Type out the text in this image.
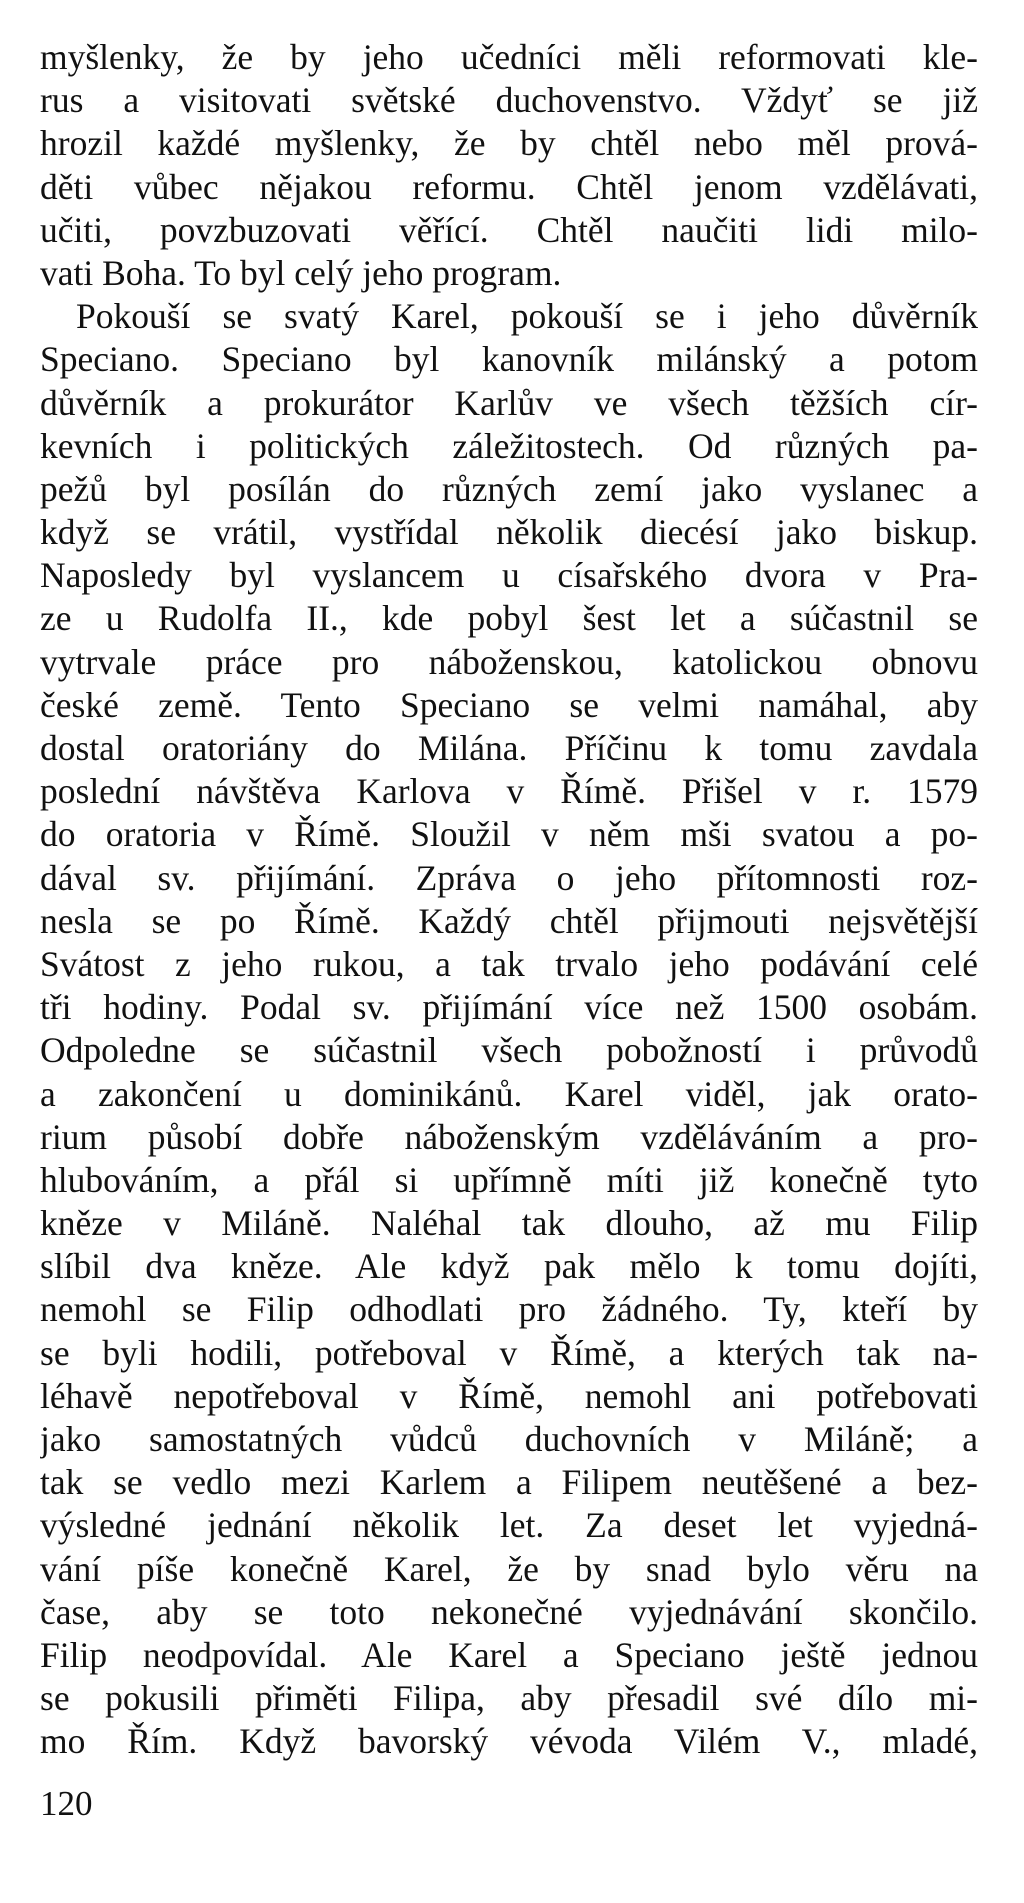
myšlenky, že by jeho učedníci měli reformovati kle-
rus a visitovati světské duchovenstvo. Vždyť se již
hrozil každé myšlenky, že by chtěl nebo měl prová-
děti vůbec nějakou reformu. Chtěl jenom vzdělávati,
učiti, povzbuzovati věřící. Chtěl naučiti lidi milo-
vati Boha. To byl celý jeho program.
Pokouší se svatý Karel, pokouší se i jeho důvěrník
Speciano. Speciano byl kanovník milánský a potom
důvěrník a prokurátor Karlův ve všech těžších cír-
kevních i politických záležitostech. Od různých pa-
pežů byl posílán do různých zemí jako vyslanec a
když se vrátil, vystřídal několik diecésí jako biskup.
Naposledy byl vyslancem u císařského dvora v Pra-
ze u Rudolfa II., kde pobyl šest let a súčastnil se
vytrvale práce pro náboženskou, katolickou obnovu
české země. Tento Speciano se velmi namáhal, aby
dostal oratoriány do Milána. Příčinu k tomu zavdala
poslední návštěva Karlova v Římě. Přišel v r. 1579
do oratoria v Římě. Sloužil v něm mši svatou a po-
dával sv. přijímání. Zpráva o jeho přítomnosti roz-
nesla se po Římě. Každý chtěl přijmouti nejsvětější
Svátost z jeho rukou, a tak trvalo jeho podávání celé
tři hodiny. Podal sv. přijímání více než 1500 osobám.
Odpoledne se súčastnil všech pobožností i průvodů
a zakončení u dominikánů. Karel viděl, jak orato-
rium působí dobře náboženským vzděláváním a pro-
hlubováním, a přál si upřímně míti již konečně tyto
kněze v Miláně. Naléhal tak dlouho, až mu Filip
slíbil dva kněze. Ale když pak mělo k tomu dojíti,
nemohl se Filip odhodlati pro žádného. Ty, kteří by
se byli hodili, potřeboval v Římě, a kterých tak na-
léhavě nepotřeboval v Římě, nemohl ani potřebovati
jako samostatných vůdců duchovních v Miláně; a
tak se vedlo mezi Karlem a Filipem neutěšené a bez-
výsledné jednání několik let. Za deset let vyjedná-
vání píše konečně Karel, že by snad bylo věru na
čase, aby se toto nekonečné vyjednávání skončilo.
Filip neodpovídal. Ale Karel a Speciano ještě jednou
se pokusili přiměti Filipa, aby přesadil své dílo mi-
mo Řím. Když bavorský vévoda Vilém V., mladé,
120
